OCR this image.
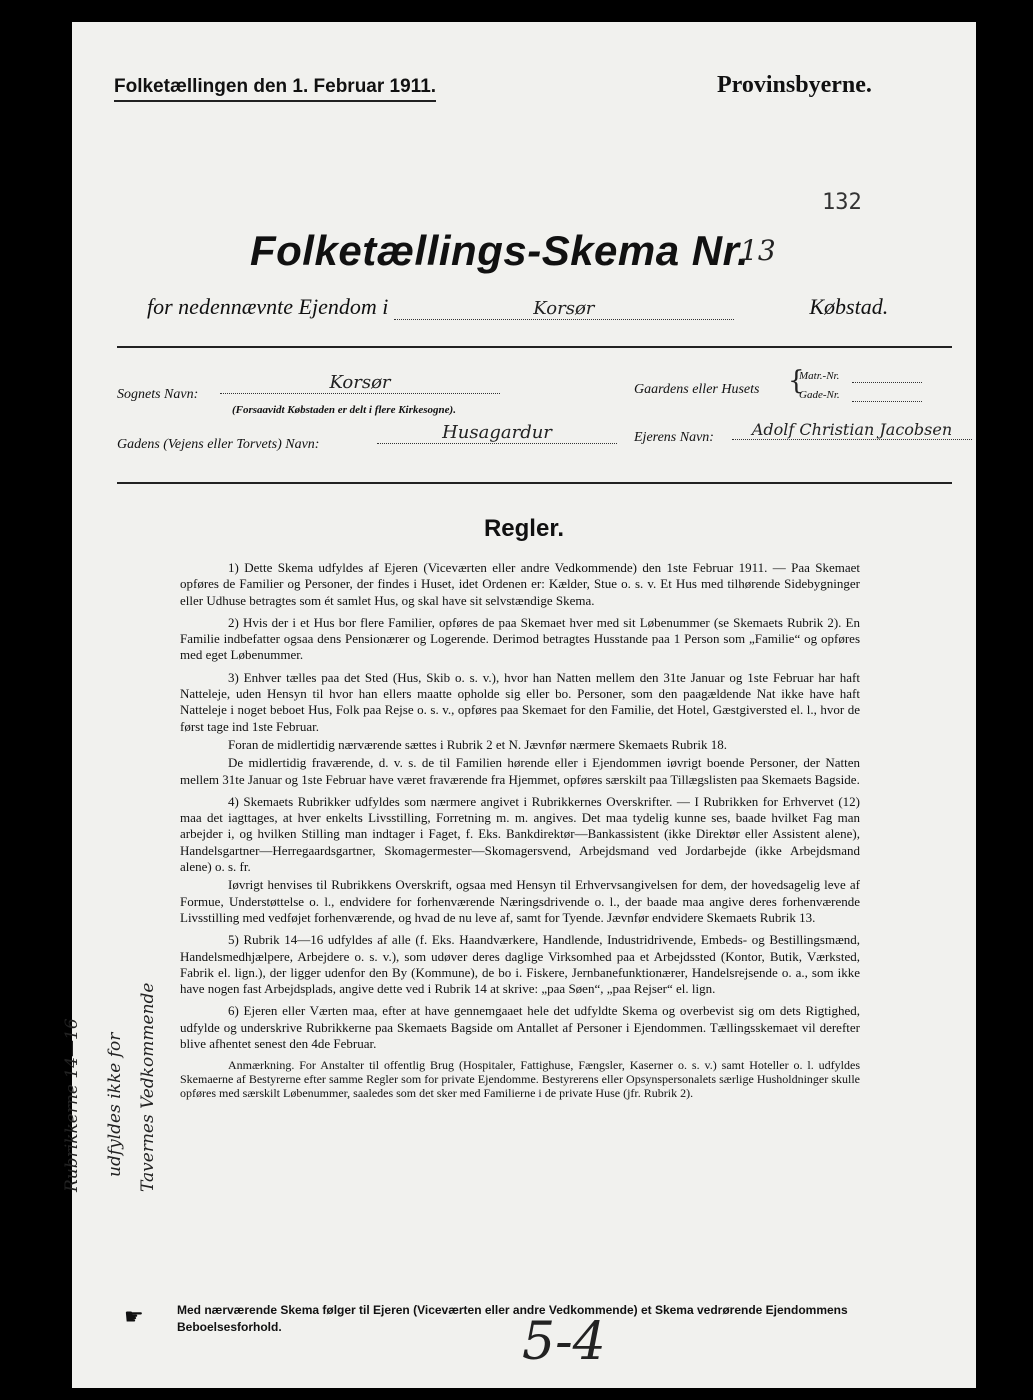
Folketællingen den 1. Februar 1911.	Provinsbyerne.
132
Folketællings-Skema Nr.
13
for nedennævnte Ejendom i	Korsør	Købstad.
Sognets Navn:
Korsør
(Forsaavidt Købstaden er delt i flere Kirkesogne).
Gaardens eller Husets {
Matr.-Nr.
Gade-Nr.
Gadens (Vejens eller Torvets) Navn:
Husagardur	Ejerens Navn:	Adolf Christian Jacobsen
Regler.

1) Dette Skema udfyldes af Ejeren (Viceværten eller andre Vedkommende) den 1ste Februar 1911. — Paa Skemaet opføres de Familier og Personer, der findes i Huset, idet Ordenen er: Kælder, Stue o. s. v. Et Hus med tilhørende Sidebygninger eller Udhuse betragtes som ét samlet Hus, og skal have sit selvstændige Skema.

2) Hvis der i et Hus bor flere Familier, opføres de paa Skemaet hver med sit Løbenummer (se Skemaets Rubrik 2). En Familie indbefatter ogsaa dens Pensionærer og Logerende. Derimod betragtes Husstande paa 1 Person som „Familie“ og opføres med eget Løbenummer.

3) Enhver tælles paa det Sted (Hus, Skib o. s. v.), hvor han Natten mellem den 31te Januar og 1ste Februar har haft Natteleje, uden Hensyn til hvor han ellers maatte opholde sig eller bo. Personer, som den paagældende Nat ikke have haft Natteleje i noget beboet Hus, Folk paa Rejse o. s. v., opføres paa Skemaet for den Familie, det Hotel, Gæstgiversted el. l., hvor de først tage ind 1ste Februar.

Foran de midlertidig nærværende sættes i Rubrik 2 et N. Jævnfør nærmere Skemaets Rubrik 18.

De midlertidig fraværende, d. v. s. de til Familien hørende eller i Ejendommen iøvrigt boende Personer, der Natten mellem 31te Januar og 1ste Februar have været fraværende fra Hjemmet, opføres særskilt paa Tillægslisten paa Skemaets Bagside.

4) Skemaets Rubrikker udfyldes som nærmere angivet i Rubrikkernes Overskrifter. — I Rubrikken for Erhvervet (12) maa det iagttages, at hver enkelts Livsstilling, Forretning m. m. angives. Det maa tydelig kunne ses, baade hvilket Fag man arbejder i, og hvilken Stilling man indtager i Faget, f. Eks. Bankdirektør—Bankassistent (ikke Direktør eller Assistent alene), Handelsgartner—Herregaardsgartner, Skomagermester—Skomagersvend, Arbejdsmand ved Jordarbejde (ikke Arbejdsmand alene) o. s. fr.

Iøvrigt henvises til Rubrikkens Overskrift, ogsaa med Hensyn til Erhvervsangivelsen for dem, der hovedsagelig leve af Formue, Understøttelse o. l., endvidere for forhenværende Næringsdrivende o. l., der baade maa angive deres forhenværende Livsstilling med vedføjet forhenværende, og hvad de nu leve af, samt for Tyende. Jævnfør endvidere Skemaets Rubrik 13.

5) Rubrik 14—16 udfyldes af alle (f. Eks. Haandværkere, Handlende, Industridrivende, Embeds- og Bestillingsmænd, Handelsmedhjælpere, Arbejdere o. s. v.), som udøver deres daglige Virksomhed paa et Arbejdssted (Kontor, Butik, Værksted, Fabrik el. lign.), der ligger udenfor den By (Kommune), de bo i. Fiskere, Jernbanefunktionærer, Handelsrejsende o. a., som ikke have nogen fast Arbejdsplads, angive dette ved i Rubrik 14 at skrive: „paa Søen“, „paa Rejser“ el. lign.

6) Ejeren eller Værten maa, efter at have gennemgaaet hele det udfyldte Skema og overbevist sig om dets Rigtighed, udfylde og underskrive Rubrikkerne paa Skemaets Bagside om Antallet af Personer i Ejendommen. Tællingsskemaet vil derefter blive afhentet senest den 4de Februar.

Anmærkning. For Anstalter til offentlig Brug (Hospitaler, Fattighuse, Fængsler, Kaserner o. s. v.) samt Hoteller o. l. udfyldes Skemaerne af Bestyrerne efter samme Regler som for private Ejendomme. Bestyrerens eller Opsynspersonalets særlige Husholdninger skulle opføres med særskilt Løbenummer, saaledes som det sker med Familierne i de private Huse (jfr. Rubrik 2).

Rubrikkerne 14—16 udfyldes ikke for Tavernes Vedkommende
☛	Med nærværende Skema følger til Ejeren (Viceværten eller andre Vedkommende) et Skema vedrørende Ejendommens Beboelsesforhold.	5-4
